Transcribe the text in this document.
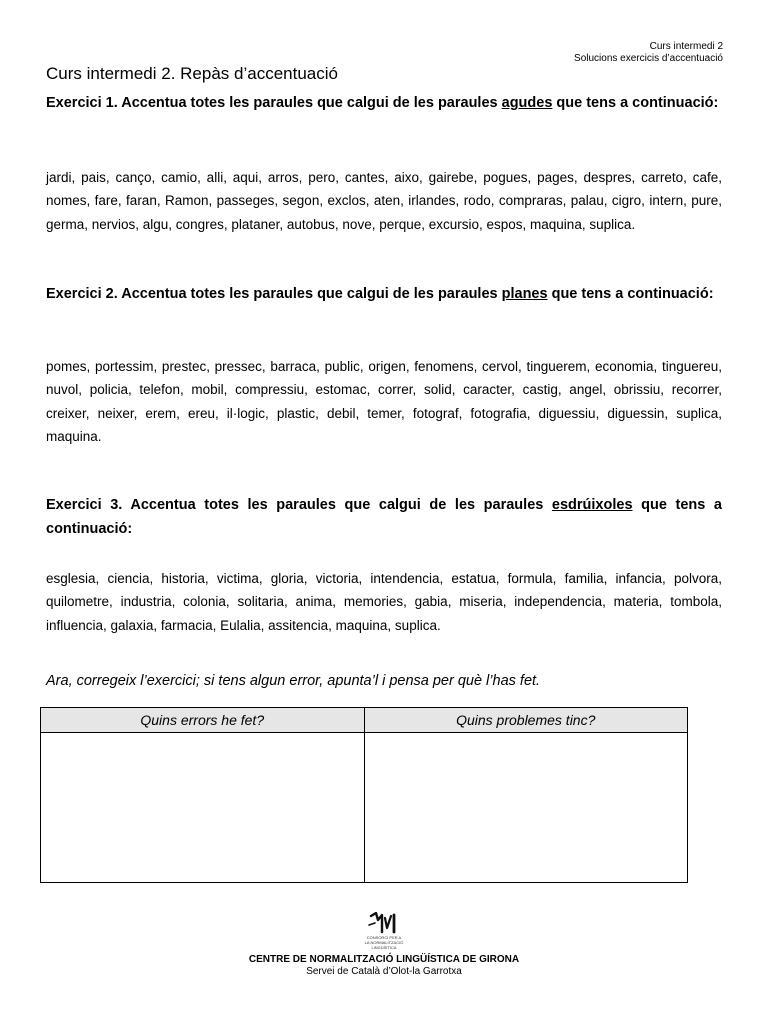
Curs intermedi 2
Solucions exercicis d’accentuació
Curs intermedi 2. Repàs d’accentuació

Exercici 1. Accentua totes les paraules que calgui de les paraules agudes que tens a continuació:

jardi, pais, canço, camio, alli, aqui, arros, pero, cantes, aixo, gairebe, pogues, pages, despres, carreto, cafe, nomes, fare, faran, Ramon, passeges, segon, exclos, aten, irlandes, rodo, compraras, palau, cigro, intern, pure, germa, nervios, algu, congres, plataner, autobus, nove, perque, excursio, espos, maquina, suplica.

Exercici 2. Accentua totes les paraules que calgui de les paraules planes que tens a continuació:

pomes, portessim, prestec, pressec, barraca, public, origen, fenomens, cervol, tinguerem, economia, tinguereu, nuvol, policia, telefon, mobil, compressiu, estomac, correr, solid, caracter, castig, angel, obrissiu, recorrer, creixer, neixer, erem, ereu, il·logic, plastic, debil, temer, fotograf, fotografia, diguessiu, diguessin, suplica, maquina.

Exercici 3. Accentua totes les paraules que calgui de les paraules esdrúixoles que tens a continuació:

esglesia, ciencia, historia, victima, gloria, victoria, intendencia, estatua, formula, familia, infancia, polvora, quilometre, industria, colonia, solitaria, anima, memories, gabia, miseria, independencia, materia, tombola, influencia, galaxia, farmacia, Eulalia, assitencia, maquina, suplica.

Ara, corregeix l’exercici; si tens algun error, apunta’l i pensa per què l’has fet.

Quins errors he fet?	Quins problemes tinc?

CONSORCI PER A
LA NORMALITZACIÓ
LINGÜÍSTICA
CENTRE DE NORMALITZACIÓ LINGÜÍSTICA DE GIRONA
Servei de Català d’Olot-la Garrotxa
